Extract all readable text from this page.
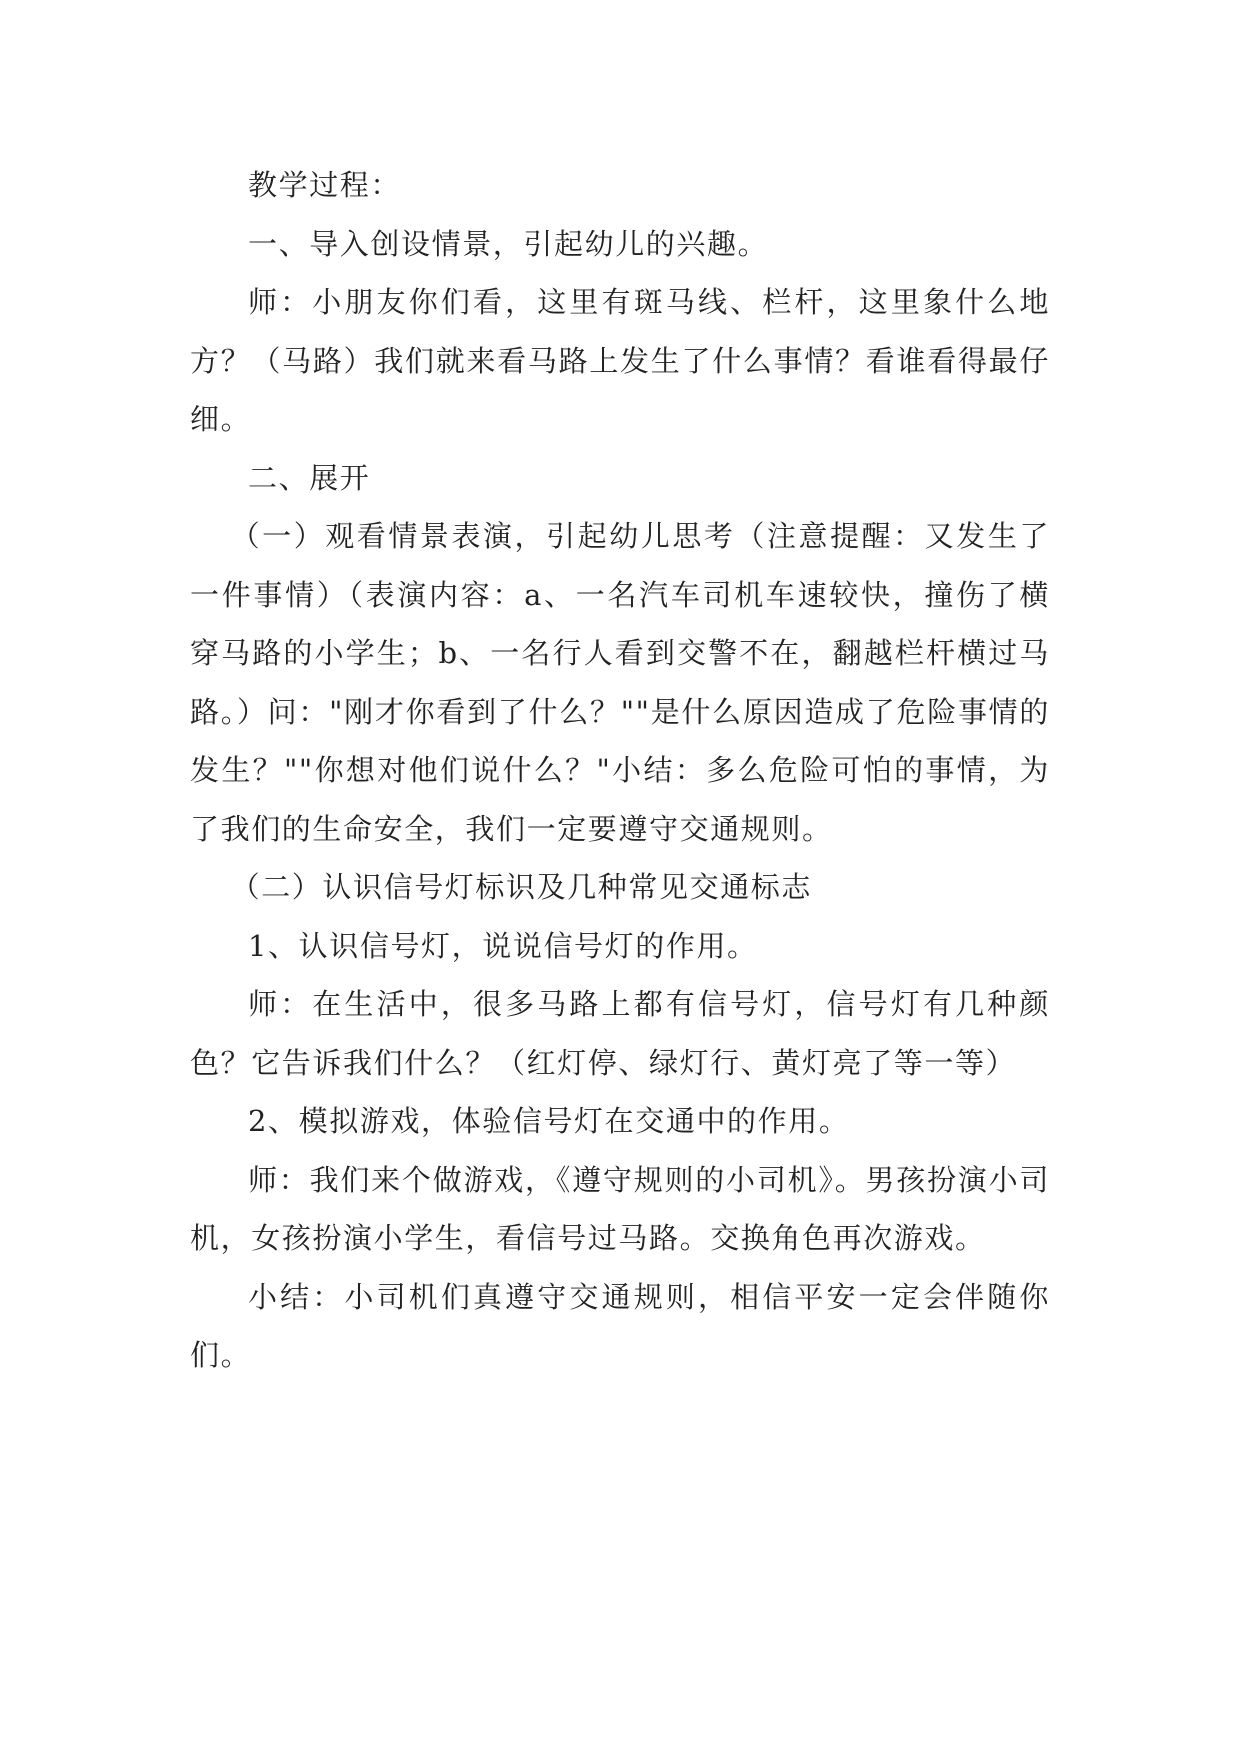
教学过程：

一、导入创设情景，引起幼儿的兴趣。

师：小朋友你们看，这里有斑马线、栏杆，这里象什么地方？（马路）我们就来看马路上发生了什么事情？看谁看得最仔细。

二、展开

（一）观看情景表演，引起幼儿思考（注意提醒：又发生了一件事情）（表演内容：a、一名汽车司机车速较快，撞伤了横穿马路的小学生；b、一名行人看到交警不在，翻越栏杆横过马路。）问："刚才你看到了什么？""是什么原因造成了危险事情的发生？""你想对他们说什么？"小结：多么危险可怕的事情，为了我们的生命安全，我们一定要遵守交通规则。

（二）认识信号灯标识及几种常见交通标志

1、认识信号灯，说说信号灯的作用。

师：在生活中，很多马路上都有信号灯，信号灯有几种颜色？它告诉我们什么？（红灯停、绿灯行、黄灯亮了等一等）

2、模拟游戏，体验信号灯在交通中的作用。

师：我们来个做游戏，《遵守规则的小司机》。男孩扮演小司机，女孩扮演小学生，看信号过马路。交换角色再次游戏。

小结：小司机们真遵守交通规则，相信平安一定会伴随你们。
